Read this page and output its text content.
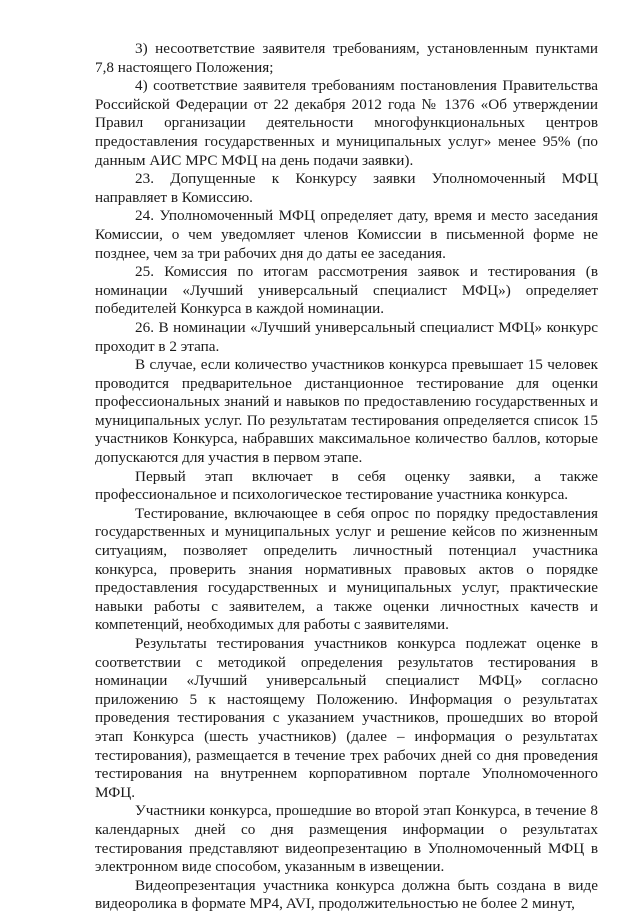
3) несоответствие заявителя требованиям, установленным пунктами 7,8 настоящего Положения;

4) соответствие заявителя требованиям постановления Правительства Российской Федерации от 22 декабря 2012 года № 1376 «Об утверждении Правил организации деятельности многофункциональных центров предоставления государственных и муниципальных услуг» менее 95% (по данным АИС МРС МФЦ на день подачи заявки).

23. Допущенные к Конкурсу заявки Уполномоченный МФЦ направляет в Комиссию.

24. Уполномоченный МФЦ определяет дату, время и место заседания Комиссии, о чем уведомляет членов Комиссии в письменной форме не позднее, чем за три рабочих дня до даты ее заседания.

25. Комиссия по итогам рассмотрения заявок и тестирования (в номинации «Лучший универсальный специалист МФЦ») определяет победителей Конкурса в каждой номинации.

26. В номинации «Лучший универсальный специалист МФЦ» конкурс проходит в 2 этапа.

В случае, если количество участников конкурса превышает 15 человек проводится предварительное дистанционное тестирование для оценки профессиональных знаний и навыков по предоставлению государственных и муниципальных услуг. По результатам тестирования определяется список 15 участников Конкурса, набравших максимальное количество баллов, которые допускаются для участия в первом этапе.

Первый этап включает в себя оценку заявки, а также профессиональное и психологическое тестирование участника конкурса.

Тестирование, включающее в себя опрос по порядку предоставления государственных и муниципальных услуг и решение кейсов по жизненным ситуациям, позволяет определить личностный потенциал участника конкурса, проверить знания нормативных правовых актов о порядке предоставления государственных и муниципальных услуг, практические навыки работы с заявителем, а также оценки личностных качеств и компетенций, необходимых для работы с заявителями.

Результаты тестирования участников конкурса подлежат оценке в соответствии с методикой определения результатов тестирования в номинации «Лучший универсальный специалист МФЦ» согласно приложению 5 к настоящему Положению. Информация о результатах проведения тестирования с указанием участников, прошедших во второй этап Конкурса (шесть участников) (далее – информация о результатах тестирования), размещается в течение трех рабочих дней со дня проведения тестирования на внутреннем корпоративном портале Уполномоченного МФЦ.

Участники конкурса, прошедшие во второй этап Конкурса, в течение 8 календарных дней со дня размещения информации о результатах тестирования представляют видеопрезентацию в Уполномоченный МФЦ в электронном виде способом, указанным в извещении.

Видеопрезентация участника конкурса должна быть создана в виде видеоролика в формате MP4, AVI, продолжительностью не более 2 минут,
